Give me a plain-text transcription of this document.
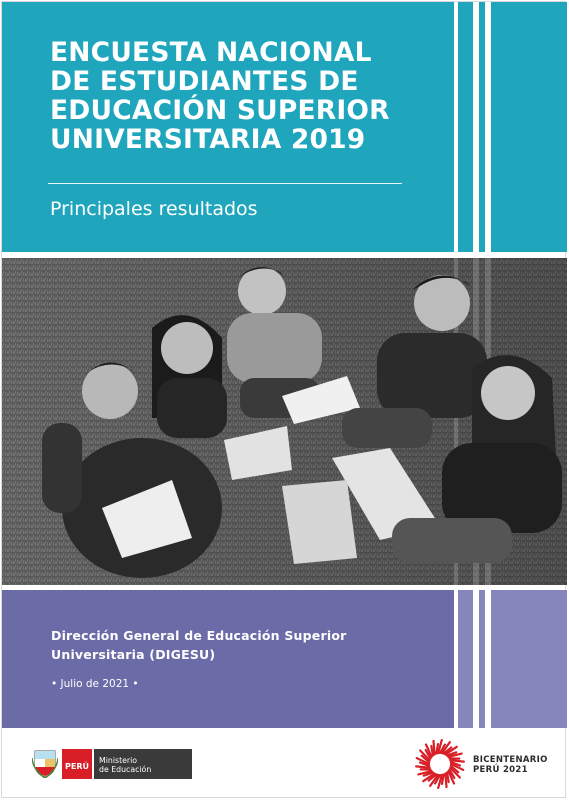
ENCUESTA NACIONAL
DE ESTUDIANTES DE
EDUCACIÓN SUPERIOR
UNIVERSITARIA 2019
Principales resultados
Dirección General de Educación Superior
Universitaria (DIGESU)
• Julio de 2021 •
PERÚ
Ministerio
de Educación
BICENTENARIO
PERÚ 2021
